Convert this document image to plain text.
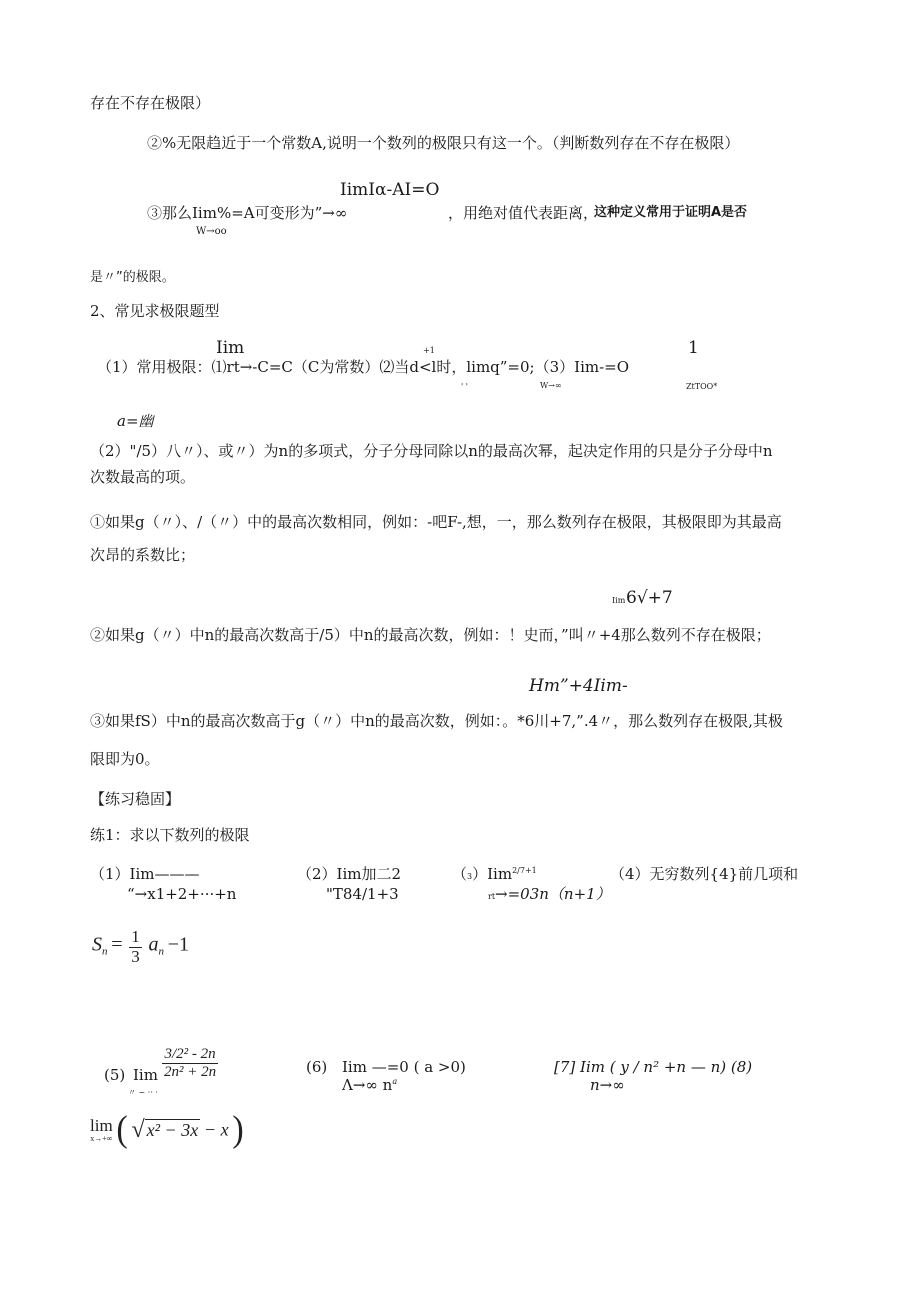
存在不存在极限）
②%无限趋近于一个常数A,说明一个数列的极限只有这一个。（判断数列存在不存在极限）
IimIα-AI=O
③那么Iim%=A可变形为”→∞	，用绝对值代表距离，
这种定义常用于证明A是否
W→oo
是〃”的极限。
2、常见求极限题型
Iim	+1	1
（1）常用极限：⑴rt→-C=C（C为常数）⑵当d<l时，limq”=0;（3）Iim-=O
' '	W→∞	ZtTOO*
a=幽
（2）"/5）八〃）、或〃）为n的多项式，分子分母同除以n的最高次幂，起决定作用的只是分子分母中n
次数最高的项。
①如果g（〃）、/（〃）中的最高次数相同，例如：-吧F-,想，一，那么数列存在极限，其极限即为其最高
次昂的系数比；
Iim 6√+7
②如果g（〃）中n的最高次数高于/5）中n的最高次数，例如：！史而，”叫〃+4那么数列不存在极限；
Hm”+4Iim-
③如果fS）中n的最高次数高于g（〃）中n的最高次数，例如：。*6川+7,”.4〃，那么数列存在极限,其极
限即为0。
【练习稳固】
练1：求以下数列的极限
（1）Iim———
“→x1+2+···+n
（2）Iim加二2
"T84/1+3
（3）Iim$^{2/7+1}$
rt→=03n（n+1）
（4）无穷数列{4}前几项和
$S_n = \frac{1}{3} a_n -1$
(5) Iim $\frac{\text{3/2² - 2n}}{\text{2n² + 2n}}$
〃 ~ ·· ·
(6) Iim —=0 ( a >0)
Λ→∞ $n^a$
[7] Iim ( y / n² +n — n) (8)
n→∞
lim
x→+∞ ( √ x² − 3x − x )
